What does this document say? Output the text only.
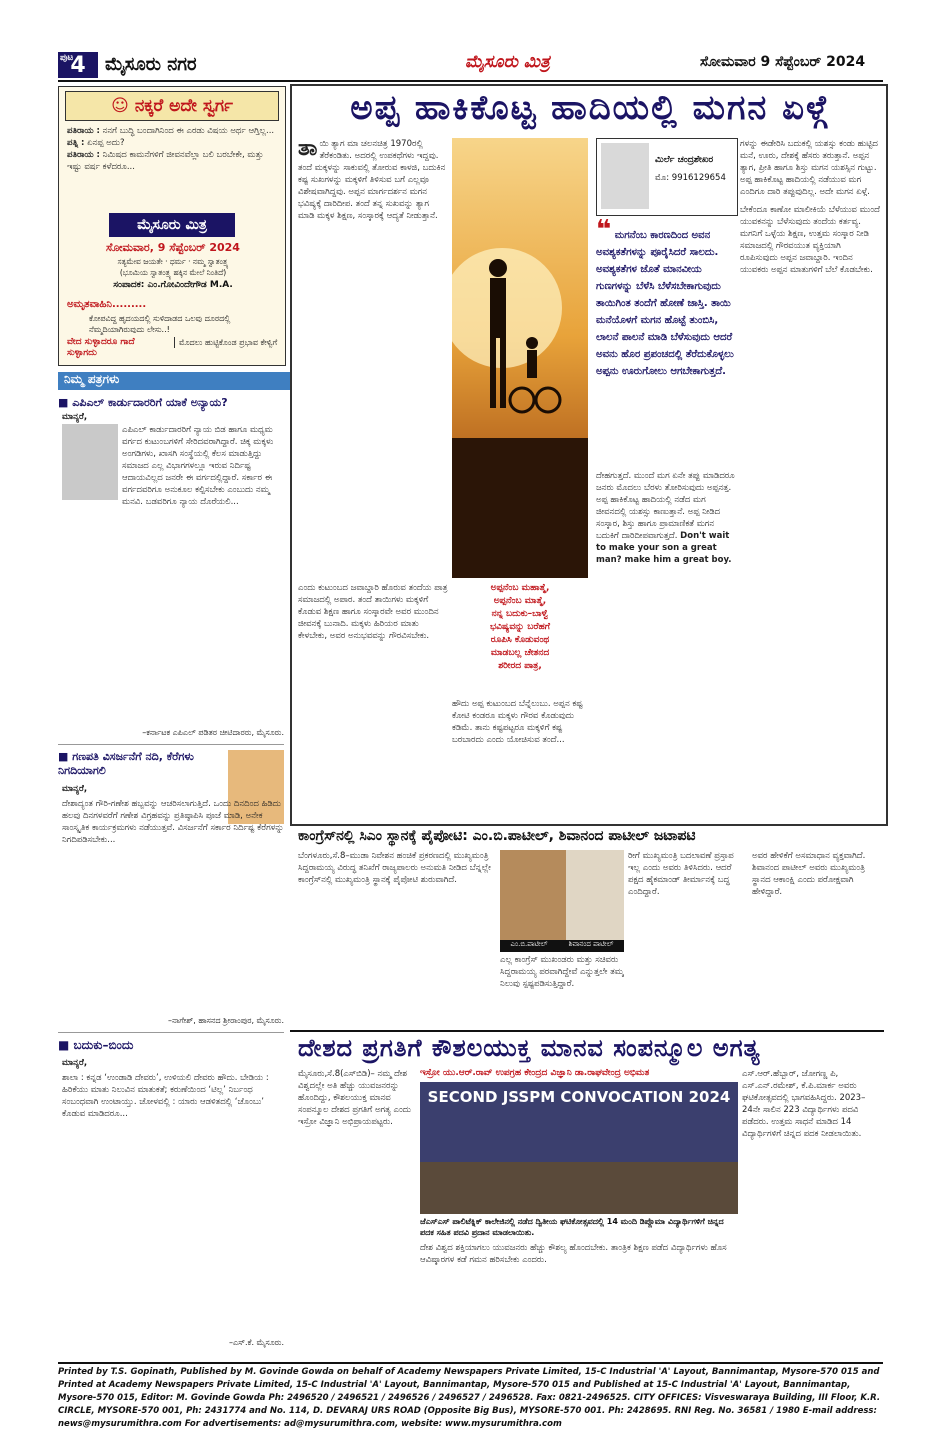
ಪುಟ
4 ಮೈಸೂರು ನಗರ	ಮೈಸೂರು ಮಿತ್ರ	ಸೋಮವಾರ 9 ಸೆಪ್ಟೆಂಬರ್ 2024
☺ ನಕ್ಕರೆ ಅದೇ ಸ್ವರ್ಗ
ಪತಿರಾಯ : ನನಗೆ ಬುದ್ಧಿ ಬಂದಾಗಿನಿಂದ ಈ ಎರಡು ವಿಷಯ ಅರ್ಥ ಆಗ್ತಿಲ್ಲ...
ಪತ್ನಿ : ಏನಪ್ಪ ಅದು?
ಪತಿರಾಯ : ನಿಮಿಷದ ಕಾಮನೆಗಳಿಗೆ ಜೀವನವೆಲ್ಲಾ ಬಲಿ ಬರಬೇಕೇ, ಮತ್ತು ಇಷ್ಟು ವರ್ಷ ಕಳೆದರೂ...
ಮೈಸೂರು ಮಿತ್ರ
ಸೋಮವಾರ, 9 ಸೆಪ್ಟೆಂಬರ್ 2024
ಸತ್ಯಮೇವ ಜಯತೇ · ಧರ್ಮ · ನಮ್ಮ ಸ್ವಾತಂತ್ರ್ಯ
(ಭೂಮಿಯ ಸ್ವಾತಂತ್ರ್ಯ ಹಕ್ಕಿನ ಮೇಲೆ ನಿಂತಿದೆ)
ಸಂಪಾದಕ: ಎಂ.ಗೋವಿಂದೇಗೌಡ M.A.
ಅಮೃತವಾಹಿನಿ.........
ಕೋಪವಿದ್ದ ಹೃದಯದಲ್ಲಿ ಸುಳಿದಾಡದ ಒಲವು ದೂರದಲ್ಲಿ ನೆಮ್ಮದಿಯಾಗಿರುವುದು ಲೇಸು..!
ವೇದ ಸುಳ್ಳಾದರೂ ಗಾದೆ ಸುಳ್ಳಾಗದು
ಮೊದಲು ಹುಟ್ಟಿಕೊಂಡ ಪ್ರಭಾವ ಕೇಳ್ವಿಗೆ
ನಿಮ್ಮ ಪತ್ರಗಳು
■ ಎಪಿಎಲ್ ಕಾರ್ಡುದಾರರಿಗೆ ಯಾಕೆ ಅನ್ಯಾಯ?
ಮಾನ್ಯರೆ,
ಎಪಿಎಲ್ ಕಾರ್ಡುದಾರರಿಗೆ ನ್ಯಾಯ ಬಿಡ ಹಾಗೂ ಮಧ್ಯಮ ವರ್ಗದ ಕುಟುಂಬಗಳಿಗೆ ಸೇರಿದವರಾಗಿದ್ದಾರೆ. ಚಿಕ್ಕ ಮಕ್ಕಳು ಅಂಗಡಿಗಳು, ಖಾಸಗಿ ಸಂಸ್ಥೆಯಲ್ಲಿ ಕೆಲಸ ಮಾಡುತ್ತಿದ್ದು ಸಮಾಜದ ಎಲ್ಲ ವಿಭಾಗಗಳಲ್ಲೂ ಇರುವ ನಿರ್ದಿಷ್ಟ ಆದಾಯವಿಲ್ಲದ ಜನರೇ ಈ ವರ್ಗದಲ್ಲಿದ್ದಾರೆ. ಸರ್ಕಾರ ಈ ವರ್ಗದವರಿಗೂ ಅನುಕೂಲ ಕಲ್ಪಿಸಬೇಕು ಎಂಬುದು ನಮ್ಮ ಮನವಿ. ಬಡವರಿಗೂ ನ್ಯಾಯ ದೊರೆಯಲಿ...
–ಕರ್ನಾಟಕ ಎಪಿಎಲ್ ಪಡಿತರ ಚೀಟಿದಾರರು, ಮೈಸೂರು.
■ ಗಣಪತಿ ವಿಸರ್ಜನೆಗೆ ನದಿ, ಕೆರೆಗಳು ನಿಗದಿಯಾಗಲಿ
ಮಾನ್ಯರೆ,
ದೇಶಾದ್ಯಂತ ಗೌರಿ-ಗಣೇಶ ಹಬ್ಬವನ್ನು ಆಚರಿಸಲಾಗುತ್ತಿದೆ. ಒಂದು ದಿನದಿಂದ ಹಿಡಿದು ಹಲವು ದಿನಗಳವರೆಗೆ ಗಣೇಶ ವಿಗ್ರಹವನ್ನು ಪ್ರತಿಷ್ಠಾಪಿಸಿ ಪೂಜೆ ಮಾಡಿ, ಅನೇಕ ಸಾಂಸ್ಕೃತಿಕ ಕಾರ್ಯಕ್ರಮಗಳು ನಡೆಯುತ್ತವೆ. ವಿಸರ್ಜನೆಗೆ ಸರ್ಕಾರ ನಿರ್ದಿಷ್ಟ ಕೆರೆಗಳನ್ನು ನಿಗದಿಪಡಿಸಬೇಕು...
–ನಾಗೇಶ್, ಹಾಸನದ ಶ್ರೀರಾಂಪುರ, ಮೈಸೂರು.
■ ಬದುಕು–ಬಿಂದು
ಮಾನ್ಯರೆ,
ಶಾಲಾ : ಕನ್ನಡ ‘ಉಂಡಾಡಿ ದೇವರು’, ಉಳಿಯಲಿ ದೇವರು ಹೌದು. ಬೇಡಿಯ : ಹಿರಿಕೆಯು ಮಾತು ನಿಲುವಿನ ಮಾತುಕತೆ; ಕರುಣೆಯಿಂದ ‘ಟಿಲ್ಲ’ ನಿರ್ಬಂಧ ಸಂಬಂಧವಾಗಿ ಉಂಟಾಯ್ತು. ಚೋಳವಲ್ಲಿ : ಯಾರು ಆಡಳಿತದಲ್ಲಿ ‘ಚೊಂಬು’ ಕೊಡುವ ಮಾಡಿದರೂ...
–ಎಸ್.ಕೆ. ಮೈಸೂರು.
ಅಪ್ಪ ಹಾಕಿಕೊಟ್ಟ ಹಾದಿಯಲ್ಲಿ ಮಗನ ಏಳ್ಗೆ
ತಾ ಯಿ ತ್ಯಾಗ ಮಾ ಚಲನಚಿತ್ರ 1970ರಲ್ಲಿ ತೆರೆಕಂಡಿತು. ಅದರಲ್ಲಿ ಉಪಕಥೆಗಳು ಇದ್ದವು. ತಂದೆ ಮಕ್ಕಳನ್ನು ಸಾಕುವಲ್ಲಿ ತೋರುವ ಕಾಳಜಿ, ಬದುಕಿನ ಕಷ್ಟ ಸುಖಗಳನ್ನು ಮಕ್ಕಳಿಗೆ ತಿಳಿಸುವ ಬಗೆ ಎಲ್ಲವೂ ವಿಶೇಷವಾಗಿದ್ದವು. ಅಪ್ಪನ ಮಾರ್ಗದರ್ಶನ ಮಗನ ಭವಿಷ್ಯಕ್ಕೆ ದಾರಿದೀಪ. ತಂದೆ ತನ್ನ ಸುಖವನ್ನು ತ್ಯಾಗ ಮಾಡಿ ಮಕ್ಕಳ ಶಿಕ್ಷಣ, ಸಂಸ್ಕಾರಕ್ಕೆ ಆದ್ಯತೆ ನೀಡುತ್ತಾನೆ.
ಎಂದು ಕುಟುಂಬದ ಜವಾಬ್ದಾರಿ ಹೊರುವ ತಂದೆಯ ಪಾತ್ರ ಸಮಾಜದಲ್ಲಿ ಅಪಾರ. ತಂದೆ ತಾಯಿಗಳು ಮಕ್ಕಳಿಗೆ ಕೊಡುವ ಶಿಕ್ಷಣ ಹಾಗೂ ಸಂಸ್ಕಾರವೇ ಅವರ ಮುಂದಿನ ಜೀವನಕ್ಕೆ ಬುನಾದಿ. ಮಕ್ಕಳು ಹಿರಿಯರ ಮಾತು ಕೇಳಬೇಕು, ಅವರ ಅನುಭವವನ್ನು ಗೌರವಿಸಬೇಕು.
ಅಪ್ಪನೆಂಬ ಮಹಾತ್ಮೆ,
ಅಪ್ಪನೆಂಬ ಮಾತ್ಮೆ,
ನನ್ನ ಬದುಕು–ಬಾಳ್ವೆ
ಭವಿಷ್ಯವನ್ನು ಬರೆಹಗೆ
ರೂಪಿಸಿ ಕೊಡುವಂಥ
ಮಾಡಬಲ್ಲ ಚೇತನದ
ಶರೀರದ ಪಾತ್ರ,
ಹೌದು ಅಪ್ಪ ಕುಟುಂಬದ ಬೆನ್ನೆಲುಬು. ಅಪ್ಪನ ಕಷ್ಟ ಕೋಟಿ ಕಂಡರೂ ಮಕ್ಕಳು ಗೌರವ ಕೊಡುವುದು ಕಡಿಮೆ. ತಾನು ಕಷ್ಟಪಟ್ಟರೂ ಮಕ್ಕಳಿಗೆ ಕಷ್ಟ ಬರಬಾರದು ಎಂದು ಯೋಚಿಸುವ ತಂದೆ...
ಮಿರ್ಲೆ ಚಂದ್ರಶೇಖರ
ಮೊ: 9916129654
❝ ಮಗನೆಂಬ ಕಾರಣದಿಂದ ಅವನ ಅವಶ್ಯಕತೆಗಳನ್ನು ಪೂರೈಸಿದರೆ ಸಾಲದು. ಅವಶ್ಯಕತೆಗಳ ಜೊತೆ ಮಾನವೀಯ ಗುಣಗಳನ್ನು ಬೆಳೆಸಿ ಬೆಳೆಸಬೇಕಾಗುವುದು ತಾಯಿಗಿಂತ ತಂದೆಗೆ ಹೋಣೆ ಜಾಸ್ತಿ. ತಾಯಿ ಮನೆಯೊಳಗೆ ಮಗನ ಹೊಟ್ಟೆ ತುಂಬಿಸಿ, ಲಾಲನೆ ಪಾಲನೆ ಮಾಡಿ ಬೆಳೆಸುವುದು ಆದರೆ ಅವನು ಹೊರ ಪ್ರಪಂಚದಲ್ಲಿ ತೆರೆದುಕೊಳ್ಳಲು ಅಪ್ಪನು ಊರುಗೋಲು ಆಗಬೇಕಾಗುತ್ತದೆ.
ದೇಹಗುತ್ತದೆ. ಮುಂದೆ ಮಗ ಏನೇ ತಪ್ಪು ಮಾಡಿದರೂ ಜನರು ಮೊದಲು ಬೆರಳು ತೋರಿಸುವುದು ಅಪ್ಪನತ್ತ. ಅಪ್ಪ ಹಾಕಿಕೊಟ್ಟ ಹಾದಿಯಲ್ಲಿ ನಡೆದ ಮಗ ಜೀವನದಲ್ಲಿ ಯಶಸ್ಸು ಕಾಣುತ್ತಾನೆ. ಅಪ್ಪ ನೀಡಿದ ಸಂಸ್ಕಾರ, ಶಿಸ್ತು ಹಾಗೂ ಪ್ರಾಮಾಣಿಕತೆ ಮಗನ ಬದುಕಿಗೆ ದಾರಿದೀಪವಾಗುತ್ತದೆ. Don't wait to make your son a great man? make him a great boy.
ಗಳನ್ನು ಈಡೇರಿಸಿ ಬದುಕಲ್ಲಿ ಯಶಸ್ಸು ಕಂಡು ಹುಟ್ಟಿದ ಮನೆ, ಊರು, ದೇಶಕ್ಕೆ ಹೆಸರು ತರುತ್ತಾನೆ. ಅಪ್ಪನ ತ್ಯಾಗ, ಪ್ರೀತಿ ಹಾಗೂ ಶಿಸ್ತು ಮಗನ ಯಶಸ್ಸಿನ ಗುಟ್ಟು. ಅಪ್ಪ ಹಾಕಿಕೊಟ್ಟ ಹಾದಿಯಲ್ಲಿ ನಡೆಯುವ ಮಗ ಎಂದಿಗೂ ದಾರಿ ತಪ್ಪುವುದಿಲ್ಲ. ಅದೇ ಮಗನ ಏಳ್ಗೆ.
ಬೇಕೆಂದೂ ಕಾಣೋ ಮಾಲೀಕಿಯೆ ಬೆಳೆಯುವ ಮುಂದೆ ಯುವಕನನ್ನು ಬೆಳೆಸುವುದು ತಂದೆಯ ಕರ್ತವ್ಯ. ಮಗನಿಗೆ ಒಳ್ಳೆಯ ಶಿಕ್ಷಣ, ಉತ್ತಮ ಸಂಸ್ಕಾರ ನೀಡಿ ಸಮಾಜದಲ್ಲಿ ಗೌರವಯುತ ವ್ಯಕ್ತಿಯಾಗಿ ರೂಪಿಸುವುದು ಅಪ್ಪನ ಜವಾಬ್ದಾರಿ. ಇಂದಿನ ಯುವಕರು ಅಪ್ಪನ ಮಾತುಗಳಿಗೆ ಬೆಲೆ ಕೊಡಬೇಕು.
ಕಾಂಗ್ರೆಸ್‌ನಲ್ಲಿ ಸಿಎಂ ಸ್ಥಾನಕ್ಕೆ ಪೈಪೋಟಿ: ಎಂ.ಬಿ.ಪಾಟೀಲ್, ಶಿವಾನಂದ ಪಾಟೀಲ್ ಜಟಾಪಟಿ
ಬೆಂಗಳೂರು,ಸೆ.8–ಮುಡಾ ನಿವೇಶನ ಹಂಚಿಕೆ ಪ್ರಕರಣದಲ್ಲಿ ಮುಖ್ಯಮಂತ್ರಿ ಸಿದ್ದರಾಮಯ್ಯ ವಿರುದ್ಧ ತನಿಖೆಗೆ ರಾಜ್ಯಪಾಲರು ಅನುಮತಿ ನೀಡಿದ ಬೆನ್ನಲ್ಲೇ ಕಾಂಗ್ರೆಸ್‌ನಲ್ಲಿ ಮುಖ್ಯಮಂತ್ರಿ ಸ್ಥಾನಕ್ಕೆ ಪೈಪೋಟಿ ಶುರುವಾಗಿದೆ.
ಎಂ.ಬಿ.ಪಾಟೀಲ್	ಶಿವಾನಂದ ಪಾಟೀಲ್
ಎಲ್ಲ ಕಾಂಗ್ರೆಸ್ ಮುಖಂಡರು ಮತ್ತು ಸಚಿವರು ಸಿದ್ದರಾಮಯ್ಯ ಪರವಾಗಿದ್ದೇವೆ ಎನ್ನುತ್ತಲೇ ತಮ್ಮ ನಿಲುವು ಸ್ಪಷ್ಟಪಡಿಸುತ್ತಿದ್ದಾರೆ.
ರೀಗೆ ಮುಖ್ಯಮಂತ್ರಿ ಬದಲಾವಣೆ ಪ್ರಸ್ತಾಪ ಇಲ್ಲ ಎಂದು ಅವರು ತಿಳಿಸಿದರು. ಆದರೆ ಪಕ್ಷದ ಹೈಕಮಾಂಡ್ ತೀರ್ಮಾನಕ್ಕೆ ಬದ್ಧ ಎಂದಿದ್ದಾರೆ.
ಅವರ ಹೇಳಿಕೆಗೆ ಅಸಮಾಧಾನ ವ್ಯಕ್ತವಾಗಿದೆ. ಶಿವಾನಂದ ಪಾಟೀಲ್ ಅವರು ಮುಖ್ಯಮಂತ್ರಿ ಸ್ಥಾನದ ಆಕಾಂಕ್ಷಿ ಎಂದು ಪರೋಕ್ಷವಾಗಿ ಹೇಳಿದ್ದಾರೆ.
ದೇಶದ ಪ್ರಗತಿಗೆ ಕೌಶಲಯುಕ್ತ ಮಾನವ ಸಂಪನ್ಮೂಲ ಅಗತ್ಯ
ಮೈಸೂರು,ಸೆ.8(ಎಸ್‌ಬಿಡಿ)– ನಮ್ಮ ದೇಶ ವಿಶ್ವದಲ್ಲೇ ಅತಿ ಹೆಚ್ಚು ಯುವಜನರನ್ನು ಹೊಂದಿದ್ದು, ಕೌಶಲಯುಕ್ತ ಮಾನವ ಸಂಪನ್ಮೂಲ ದೇಶದ ಪ್ರಗತಿಗೆ ಅಗತ್ಯ ಎಂದು ಇಸ್ರೋ ವಿಜ್ಞಾನಿ ಅಭಿಪ್ರಾಯಪಟ್ಟರು.
ಇಸ್ರೋ ಯು.ಆರ್.ರಾವ್ ಉಪಗ್ರಹ ಕೇಂದ್ರದ ವಿಜ್ಞಾನಿ ಡಾ.ರಾಘವೇಂದ್ರ ಅಭಿಮತ
SECOND JSSPM CONVOCATION 2024
ಜೆಎಸ್ಎಸ್ ಪಾಲಿಟೆಕ್ನಿಕ್ ಕಾಲೇಜಿನಲ್ಲಿ ನಡೆದ ದ್ವಿತೀಯ ಘಟಿಕೋತ್ಸವದಲ್ಲಿ 14 ಮಂದಿ ಡಿಪ್ಲೊಮಾ ವಿದ್ಯಾರ್ಥಿಗಳಿಗೆ ಚಿನ್ನದ ಪದಕ ಸಹಿತ ಪದವಿ ಪ್ರದಾನ ಮಾಡಲಾಯಿತು.
ದೇಶ ವಿಶ್ವದ ಶಕ್ತಿಯಾಗಲು ಯುವಜನರು ಹೆಚ್ಚು ಕೌಶಲ್ಯ ಹೊಂದಬೇಕು. ತಾಂತ್ರಿಕ ಶಿಕ್ಷಣ ಪಡೆದ ವಿದ್ಯಾರ್ಥಿಗಳು ಹೊಸ ಆವಿಷ್ಕಾರಗಳ ಕಡೆ ಗಮನ ಹರಿಸಬೇಕು ಎಂದರು.
ಎಸ್.ಆರ್.ಹೆಬ್ಬಾರ್, ಜೋಗಣ್ಣ ಪಿ, ಎಸ್.ಎನ್.ರಮೇಶ್, ಕೆ.ಪಿ.ಮಾರ್ಕ ಅವರು ಘಟಿಕೋತ್ಸವದಲ್ಲಿ ಭಾಗವಹಿಸಿದ್ದರು. 2023–24ನೇ ಸಾಲಿನ 223 ವಿದ್ಯಾರ್ಥಿಗಳು ಪದವಿ ಪಡೆದರು. ಉತ್ತಮ ಸಾಧನೆ ಮಾಡಿದ 14 ವಿದ್ಯಾರ್ಥಿಗಳಿಗೆ ಚಿನ್ನದ ಪದಕ ನೀಡಲಾಯಿತು.
Printed by T.S. Gopinath, Published by M. Govinde Gowda on behalf of Academy Newspapers Private Limited, 15-C Industrial 'A' Layout, Bannimantap, Mysore-570 015 and Printed at Academy Newspapers Private Limited, 15-C Industrial 'A' Layout, Bannimantap, Mysore-570 015 and Published at 15-C Industrial 'A' Layout, Bannimantap, Mysore-570 015, Editor: M. Govinde Gowda Ph: 2496520 / 2496521 / 2496526 / 2496527 / 2496528. Fax: 0821-2496525. CITY OFFICES: Visveswaraya Building, III Floor, K.R. CIRCLE, MYSORE-570 001, Ph: 2431774 and No. 114, D. DEVARAJ URS ROAD (Opposite Big Bus), MYSORE-570 001. Ph: 2428695. RNI Reg. No. 36581 / 1980 E-mail address: news@mysurumithra.com For advertisements: ad@mysurumithra.com, website: www.mysurumithra.com
